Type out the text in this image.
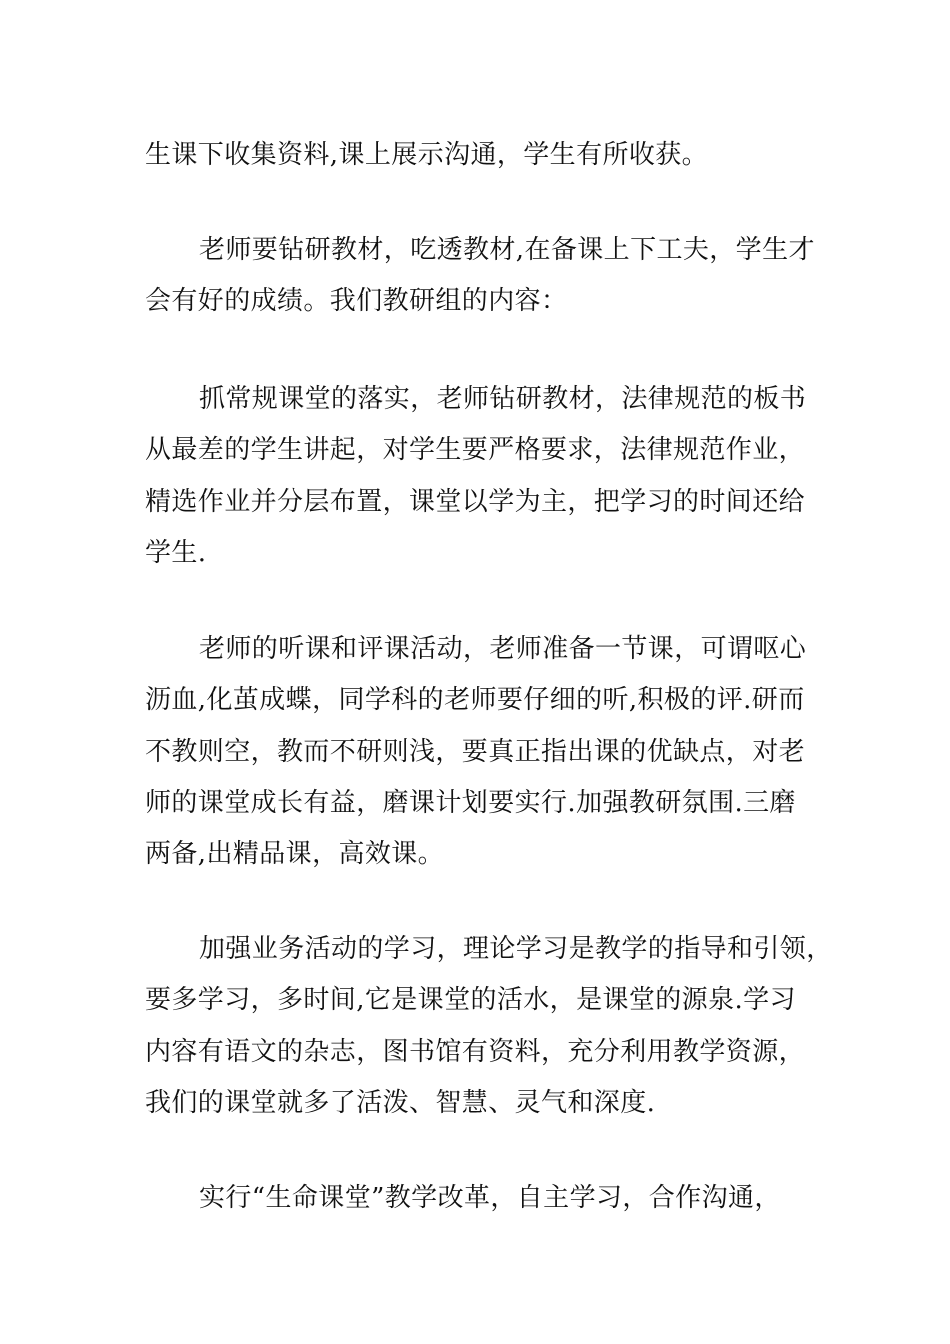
生课下收集资料,课上展示沟通，学生有所收获。

老师要钻研教材，吃透教材,在备课上下工夫，学生才
会有好的成绩。我们教研组的内容：

抓常规课堂的落实，老师钻研教材，法律规范的板书
从最差的学生讲起，对学生要严格要求，法律规范作业，
精选作业并分层布置，课堂以学为主，把学习的时间还给
学生.

老师的听课和评课活动，老师准备一节课，可谓呕心
沥血,化茧成蝶，同学科的老师要仔细的听,积极的评.研而
不教则空，教而不研则浅，要真正指出课的优缺点，对老
师的课堂成长有益，磨课计划要实行.加强教研氛围.三磨
两备,出精品课，高效课。

加强业务活动的学习，理论学习是教学的指导和引领，
要多学习，多时间,它是课堂的活水，是课堂的源泉.学习
内容有语文的杂志，图书馆有资料，充分利用教学资源，
我们的课堂就多了活泼、智慧、灵气和深度.

实行“生命课堂”教学改革，自主学习，合作沟通，
